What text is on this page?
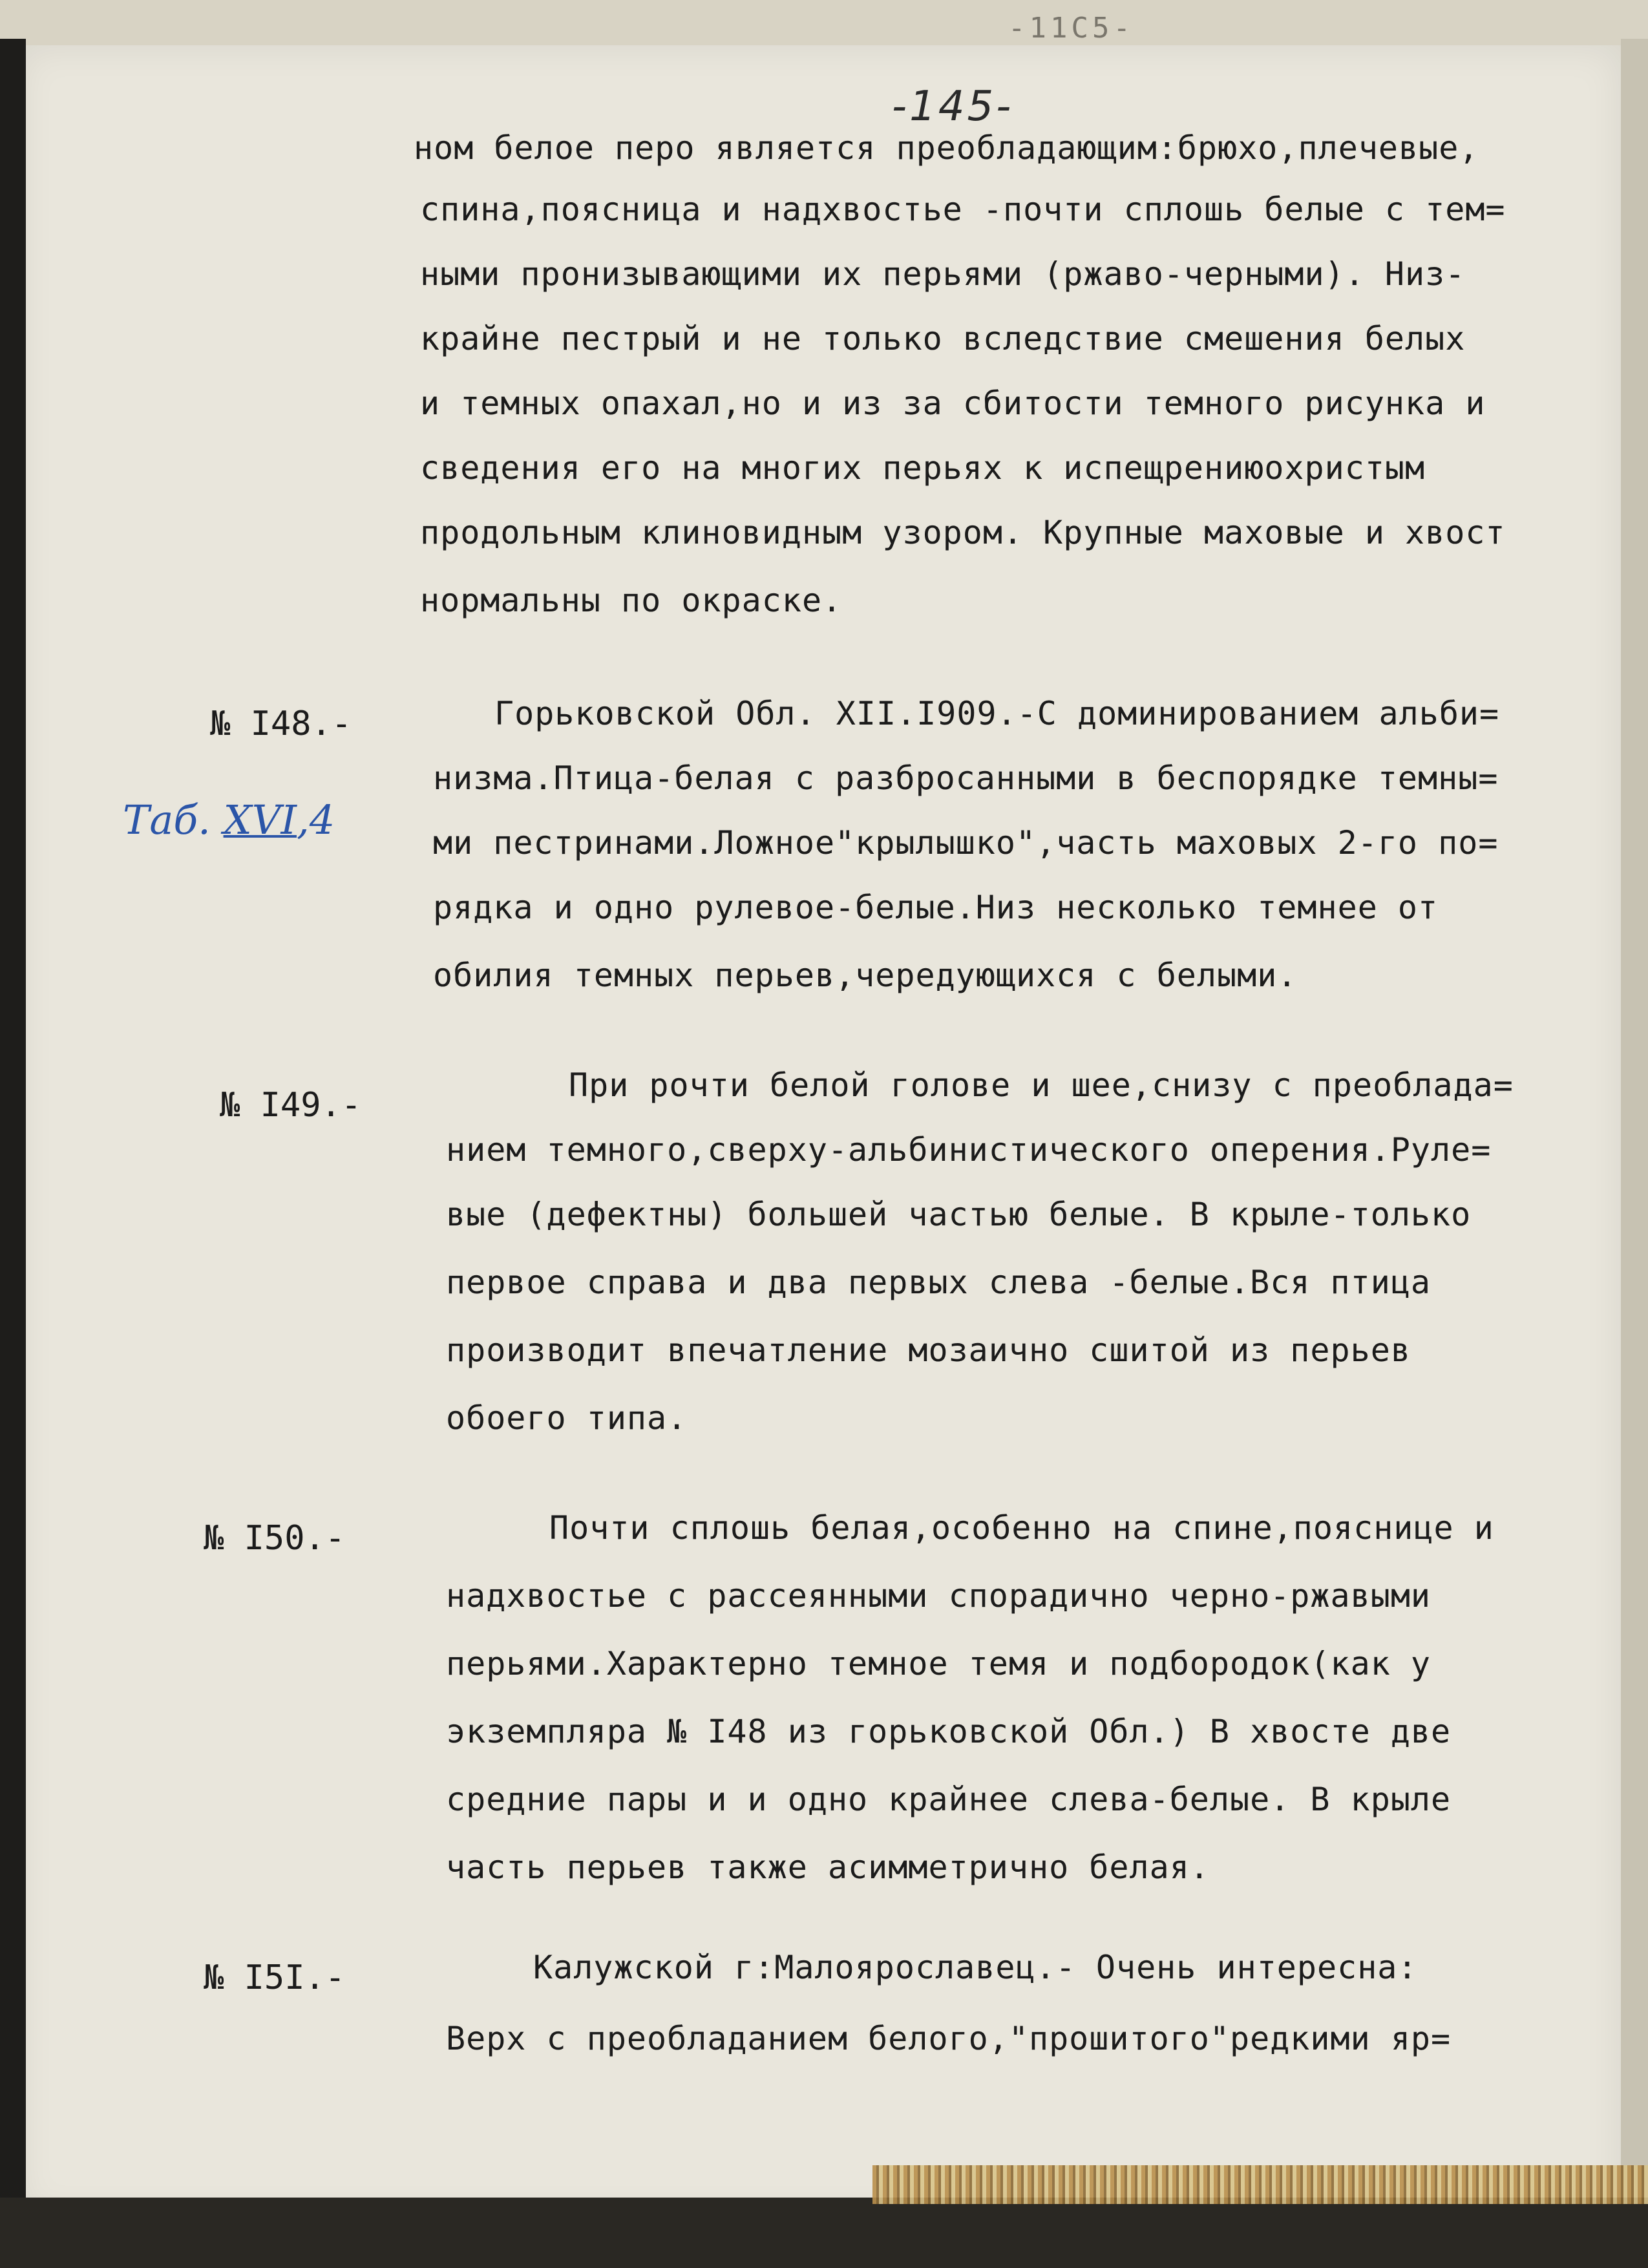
-11C5-
-145-
ном белое перо является преобладающим:брюхо,плечевые,
спина,поясница и надхвостье -почти сплошь белые с тем=
ными пронизывающими их перьями (ржаво-черными). Низ-
крайне пестрый и не только вследствие смешения белых
и темных опахал,но и из за сбитости темного рисунка и
сведения его на многих перьях к испещрениюохристым
продольным клиновидным узором. Крупные маховые и хвост
нормальны по окраске.
№ I48.-	Горьковской Обл. XII.I909.-С доминированием альби=
низма.Птица-белая с разбросанными в беспорядке темны=
ми пестринами.Ложное"крылышко",часть маховых 2-го по=
рядка и одно рулевое-белые.Низ несколько темнее от
обилия темных перьев,чередующихся с белыми.
Таб. XVI,4
№ I49.-
При рочти белой голове и шее,снизу с преоблада=
нием темного,сверху-альбинистического оперения.Руле=
вые (дефектны) большей частью белые. В крыле-только
первое справа и два первых слева -белые.Вся птица
производит впечатление мозаично сшитой из перьев
обоего типа.
№ I50.-	Почти сплошь белая,особенно на спине,пояснице и
надхвостье с рассеянными спорадично черно-ржавыми
перьями.Характерно темное темя и подбородок(как у
экземпляра № I48 из горьковской Обл.) В хвосте две
средние пары и и одно крайнее слева-белые. В крыле
часть перьев также асимметрично белая.
№ I5I.-	Калужской г:Малоярославец.- Очень интересна:
Верх с преобладанием белого,"прошитого"редкими яр=
